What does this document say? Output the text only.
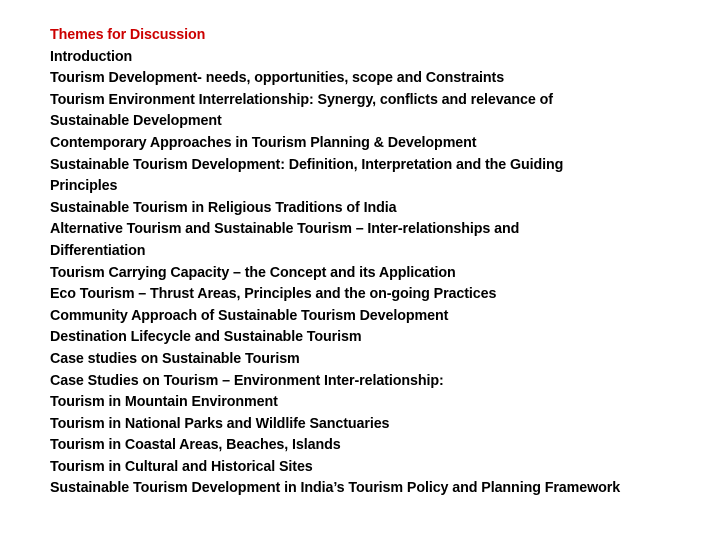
Themes for Discussion
Introduction
Tourism Development- needs, opportunities, scope and Constraints
Tourism Environment Interrelationship: Synergy, conflicts and relevance of
Sustainable Development
Contemporary Approaches in Tourism Planning & Development
Sustainable Tourism Development: Definition, Interpretation and the Guiding
Principles
Sustainable Tourism in Religious Traditions of India
Alternative Tourism and Sustainable Tourism – Inter-relationships and
Differentiation
Tourism Carrying Capacity – the Concept and its Application
Eco Tourism – Thrust Areas, Principles and the on-going Practices
Community Approach of Sustainable Tourism Development
Destination Lifecycle and Sustainable Tourism
Case studies on Sustainable Tourism
Case Studies on Tourism – Environment Inter-relationship:
Tourism in Mountain Environment
Tourism in National Parks and Wildlife Sanctuaries
Tourism in Coastal Areas, Beaches, Islands
Tourism in Cultural and Historical Sites
Sustainable Tourism Development in India’s Tourism Policy and Planning Framework
